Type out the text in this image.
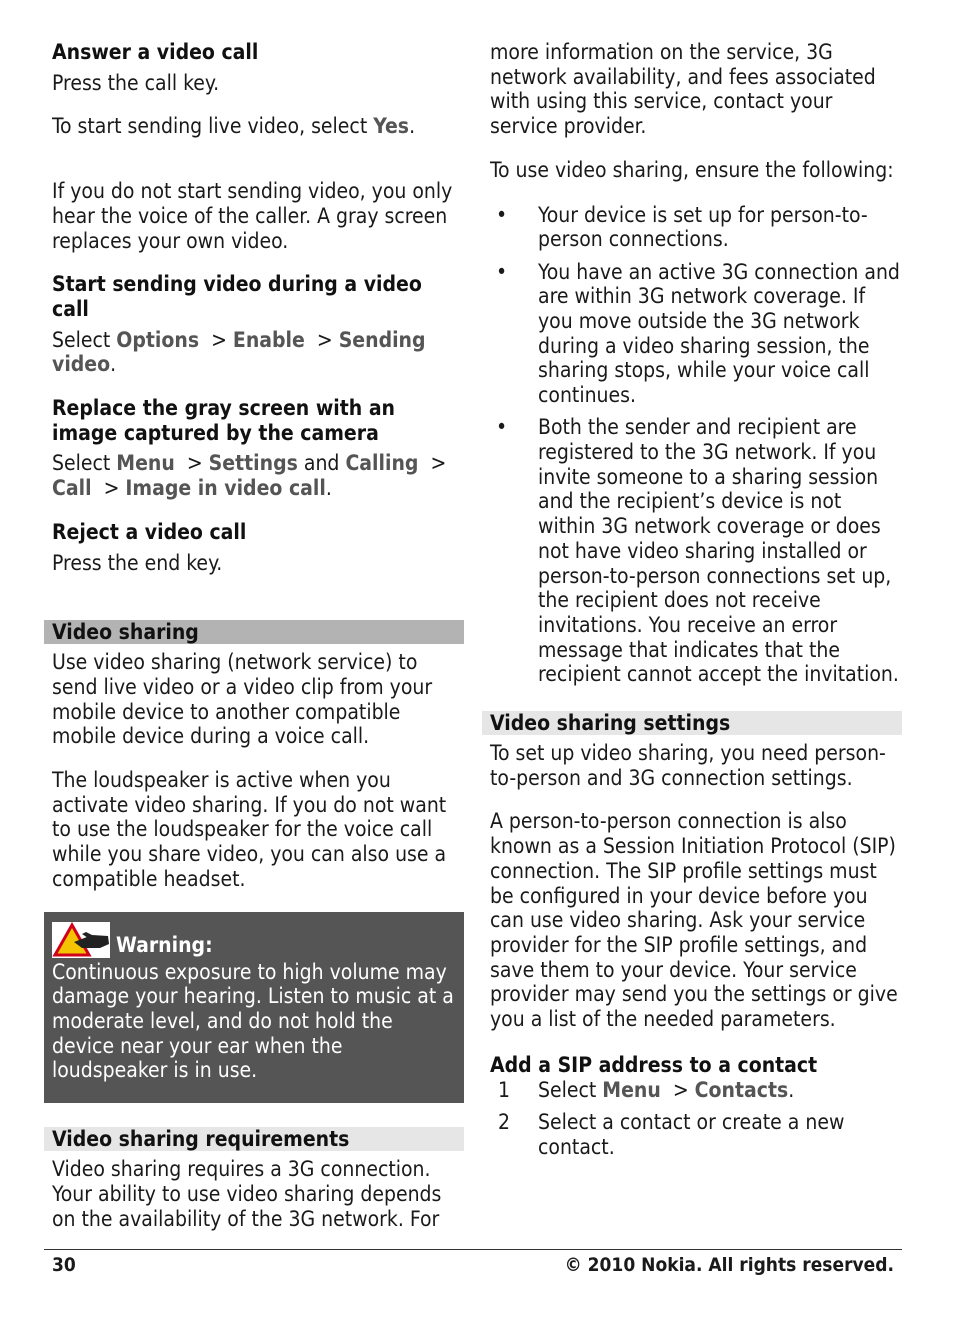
Answer a video call

Press the call key.

To start sending live video, select Yes.

If you do not start sending video, you only hear the voice of the caller. A gray screen replaces your own video.

Start sending video during a video call

Select Options > Enable > Sending video.

Replace the gray screen with an image captured by the camera

Select Menu > Settings and Calling > Call > Image in video call.

Reject a video call

Press the end key.

Video sharing

Use video sharing (network service) to send live video or a video clip from your mobile device to another compatible mobile device during a voice call.

The loudspeaker is active when you activate video sharing. If you do not want to use the loudspeaker for the voice call while you share video, you can also use a compatible headset.

Warning:

Continuous exposure to high volume may damage your hearing. Listen to music at a moderate level, and do not hold the device near your ear when the loudspeaker is in use.

Video sharing requirements

Video sharing requires a 3G connection. Your ability to use video sharing depends on the availability of the 3G network. For

more information on the service, 3G network availability, and fees associated with using this service, contact your service provider.

To use video sharing, ensure the following:

• Your device is set up for person-to-person connections.
• You have an active 3G connection and are within 3G network coverage. If you move outside the 3G network during a video sharing session, the sharing stops, while your voice call continues.
• Both the sender and recipient are registered to the 3G network. If you invite someone to a sharing session and the recipient’s device is not within 3G network coverage or does not have video sharing installed or person-to-person connections set up, the recipient does not receive invitations. You receive an error message that indicates that the recipient cannot accept the invitation.
Video sharing settings

To set up video sharing, you need person-to-person and 3G connection settings.

A person-to-person connection is also known as a Session Initiation Protocol (SIP) connection. The SIP profile settings must be configured in your device before you can use video sharing. Ask your service provider for the SIP profile settings, and save them to your device. Your service provider may send you the settings or give you a list of the needed parameters.

Add a SIP address to a contact
1 Select Menu > Contacts.
2 Select a contact or create a new contact.
30	© 2010 Nokia. All rights reserved.
